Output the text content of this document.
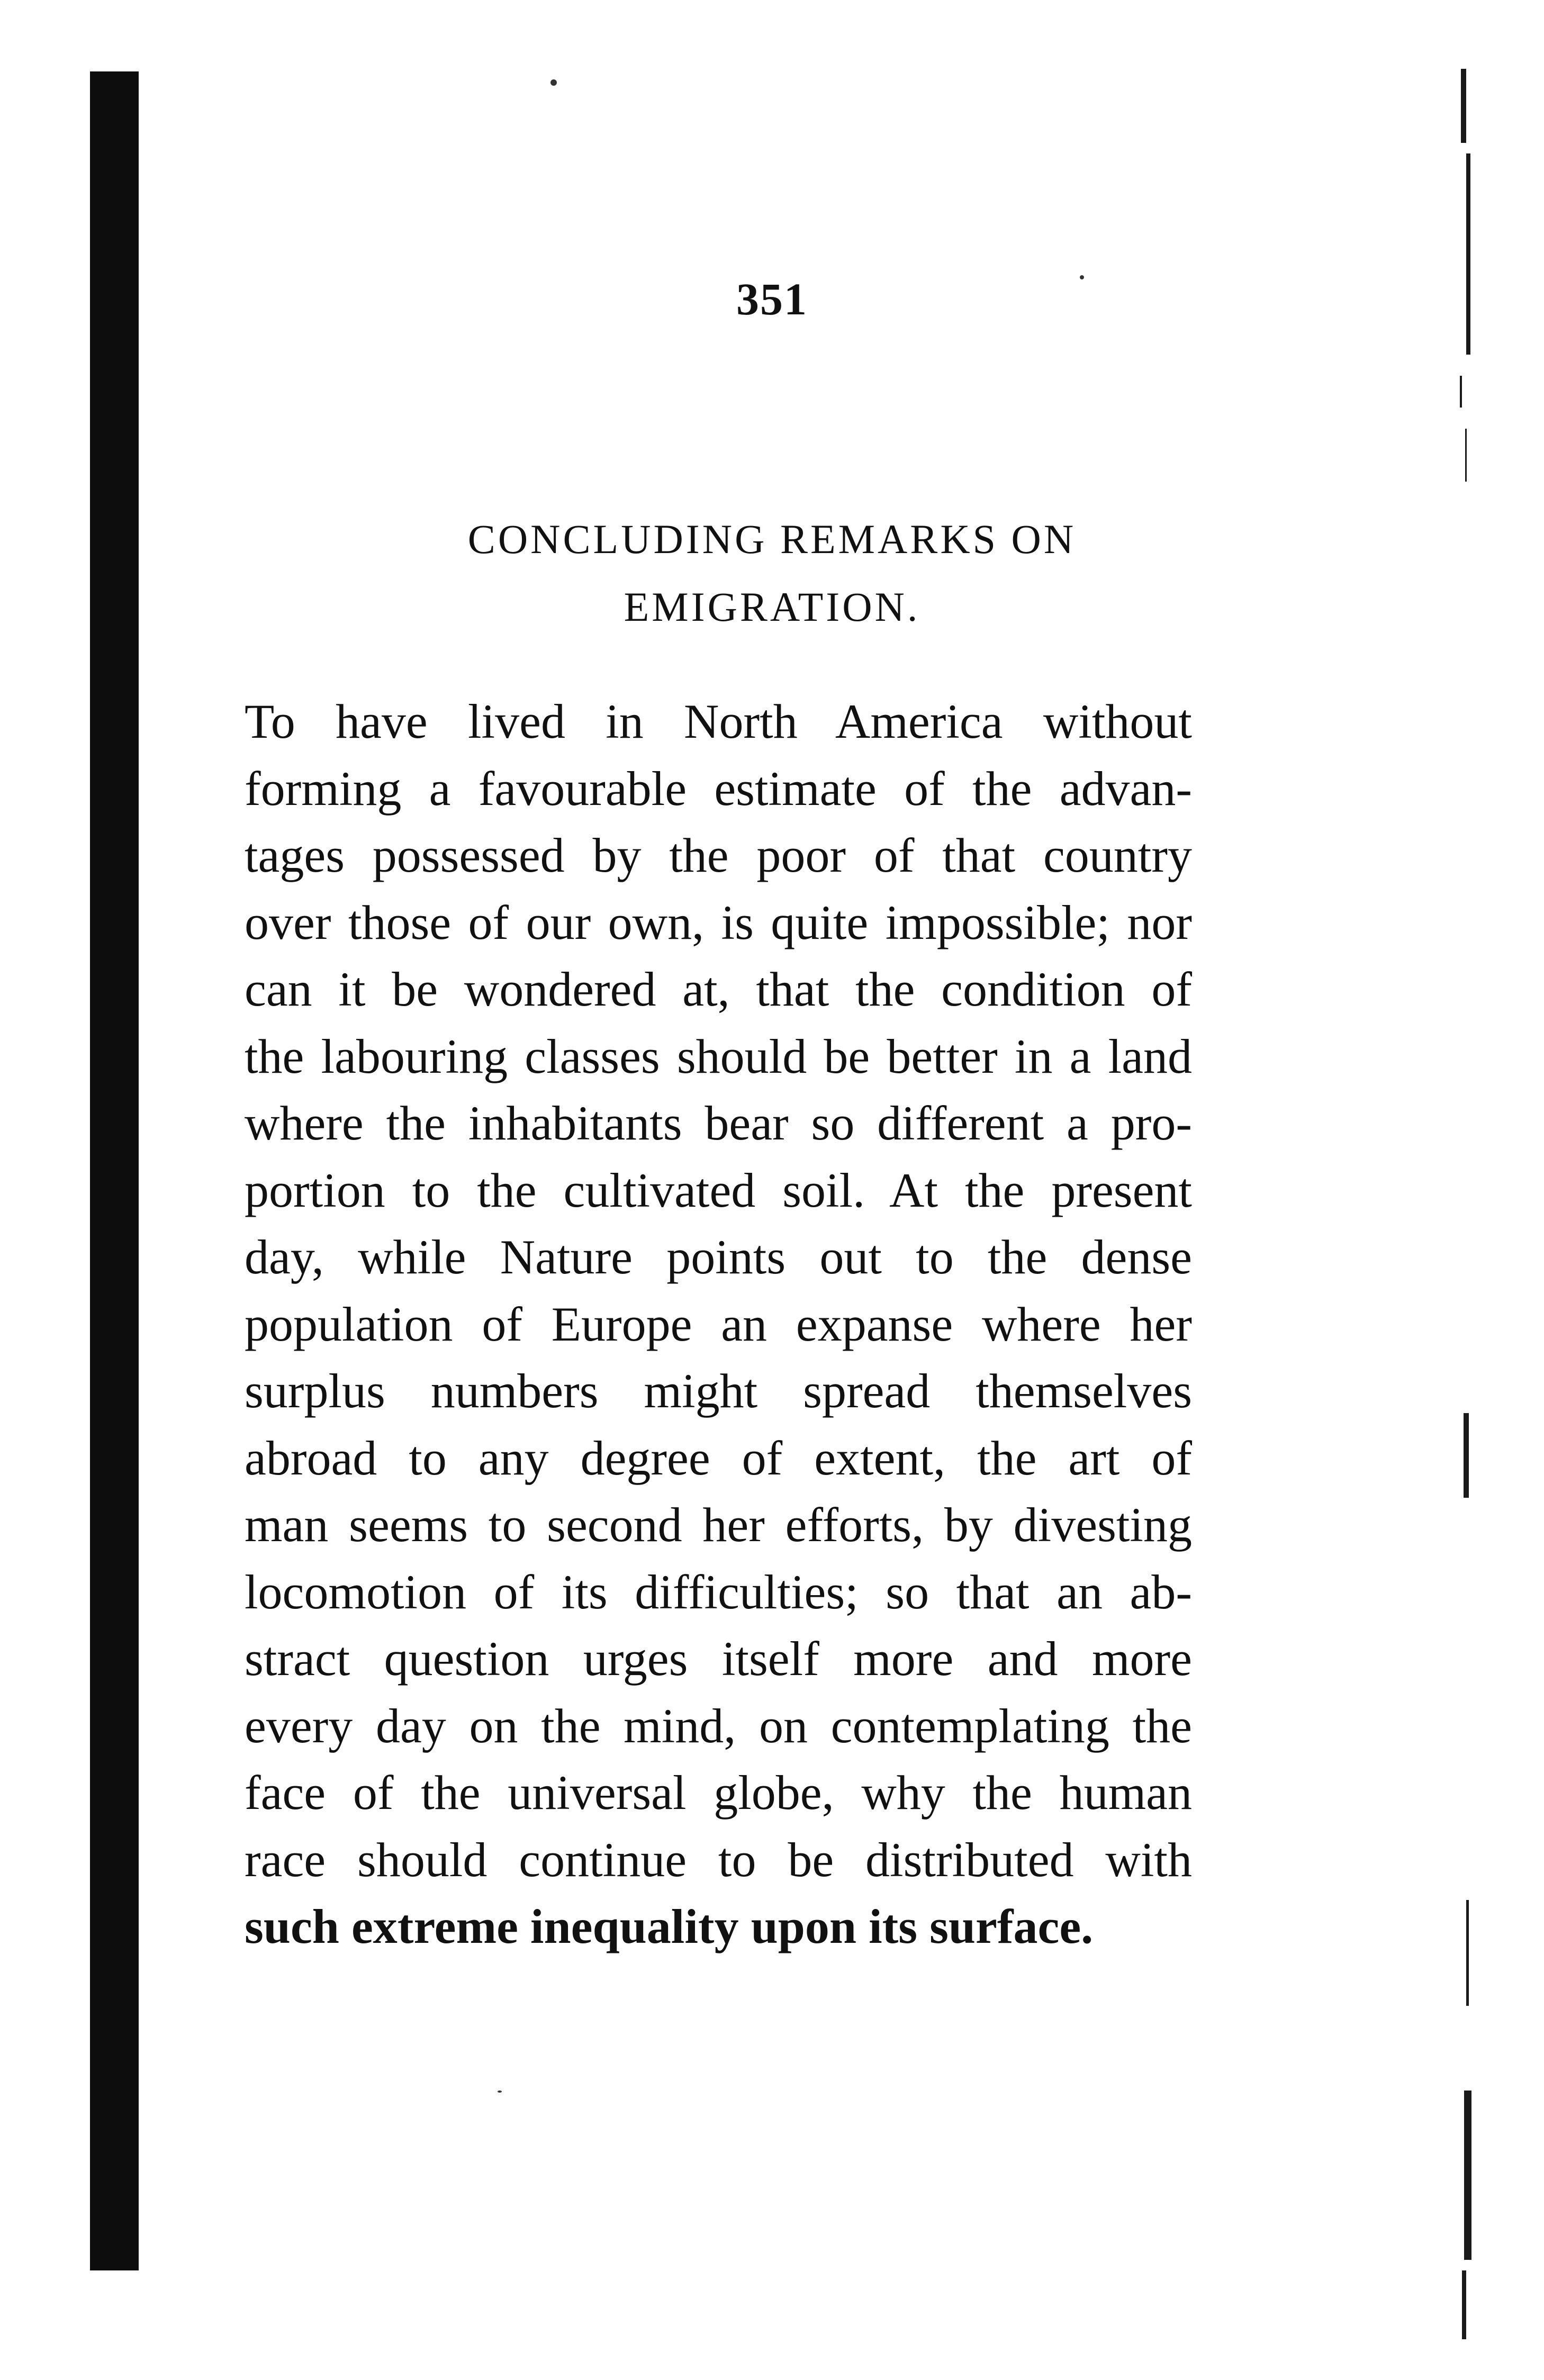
351
CONCLUDING REMARKS ON
EMIGRATION.
To have lived in North America without
forming a favourable estimate of the advan-
tages possessed by the poor of that country
over those of our own, is quite impossible; nor
can it be wondered at, that the condition of
the labouring classes should be better in a land
where the inhabitants bear so different a pro-
portion to the cultivated soil. At the present
day, while Nature points out to the dense
population of Europe an expanse where her
surplus numbers might spread themselves
abroad to any degree of extent, the art of
man seems to second her efforts, by divesting
locomotion of its difficulties; so that an ab-
stract question urges itself more and more
every day on the mind, on contemplating the
face of the universal globe, why the human
race should continue to be distributed with
such extreme inequality upon its surface.
